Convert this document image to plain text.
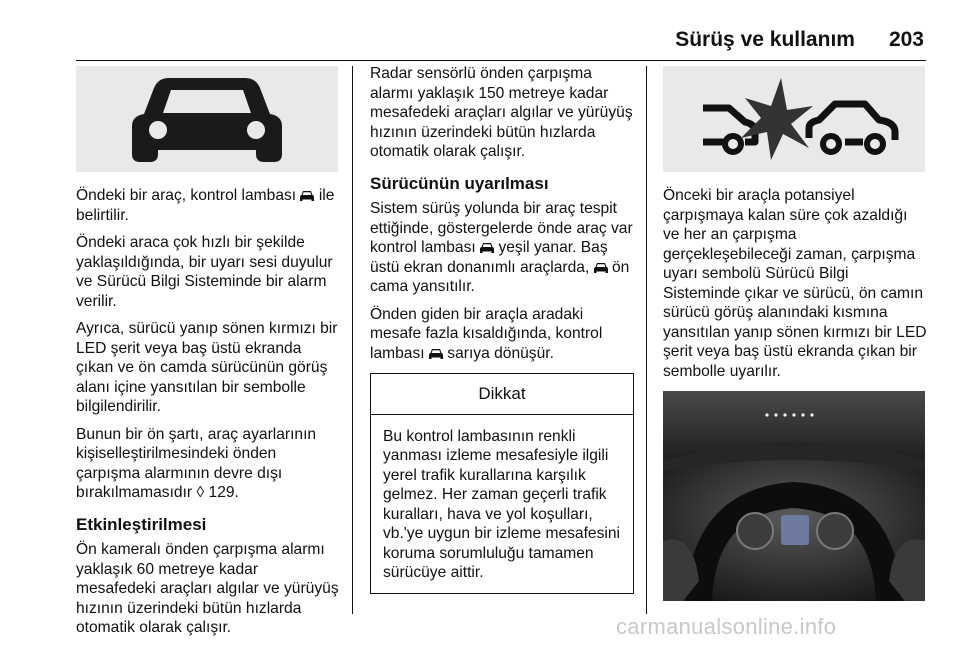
Sürüş ve kullanım 203

Öndeki bir araç, kontrol lambası ile belirtilir.

Öndeki araca çok hızlı bir şekilde yaklaşıldığında, bir uyarı sesi duyulur ve Sürücü Bilgi Sisteminde bir alarm verilir.

Ayrıca, sürücü yanıp sönen kırmızı bir LED şerit veya baş üstü ekranda çıkan ve ön camda sürücünün görüş alanı içine yansıtılan bir sembolle bilgilendirilir.

Bunun bir ön şartı, araç ayarlarının kişiselleştirilmesindeki önden çarpışma alarmının devre dışı bırakılmamasıdır ◊ 129.

Etkinleştirilmesi

Ön kameralı önden çarpışma alarmı yaklaşık 60 metreye kadar mesafedeki araçları algılar ve yürüyüş hızının üzerindeki bütün hızlarda otomatik olarak çalışır.

Radar sensörlü önden çarpışma alarmı yaklaşık 150 metreye kadar mesafedeki araçları algılar ve yürüyüş hızının üzerindeki bütün hızlarda otomatik olarak çalışır.

Sürücünün uyarılması

Sistem sürüş yolunda bir araç tespit ettiğinde, göstergelerde önde araç var kontrol lambası yeşil yanar. Baş üstü ekran donanımlı araçlarda, ön cama yansıtılır.

Önden giden bir araçla aradaki mesafe fazla kısaldığında, kontrol lambası sarıya dönüşür.

Dikkat
Bu kontrol lambasının renkli yanması izleme mesafesiyle ilgili yerel trafik kurallarına karşılık gelmez. Her zaman geçerli trafik kuralları, hava ve yol koşulları, vb.'ye uygun bir izleme mesafesini koruma sorumluluğu tamamen sürücüye aittir.

Önceki bir araçla potansiyel çarpışmaya kalan süre çok azaldığı ve her an çarpışma gerçekleşebileceği zaman, çarpışma uyarı sembolü Sürücü Bilgi Sisteminde çıkar ve sürücü, ön camın sürücü görüş alanındaki kısmına yansıtılan yanıp sönen kırmızı bir LED şerit veya baş üstü ekranda çıkan bir sembolle uyarılır.

carmanualsonline.info
